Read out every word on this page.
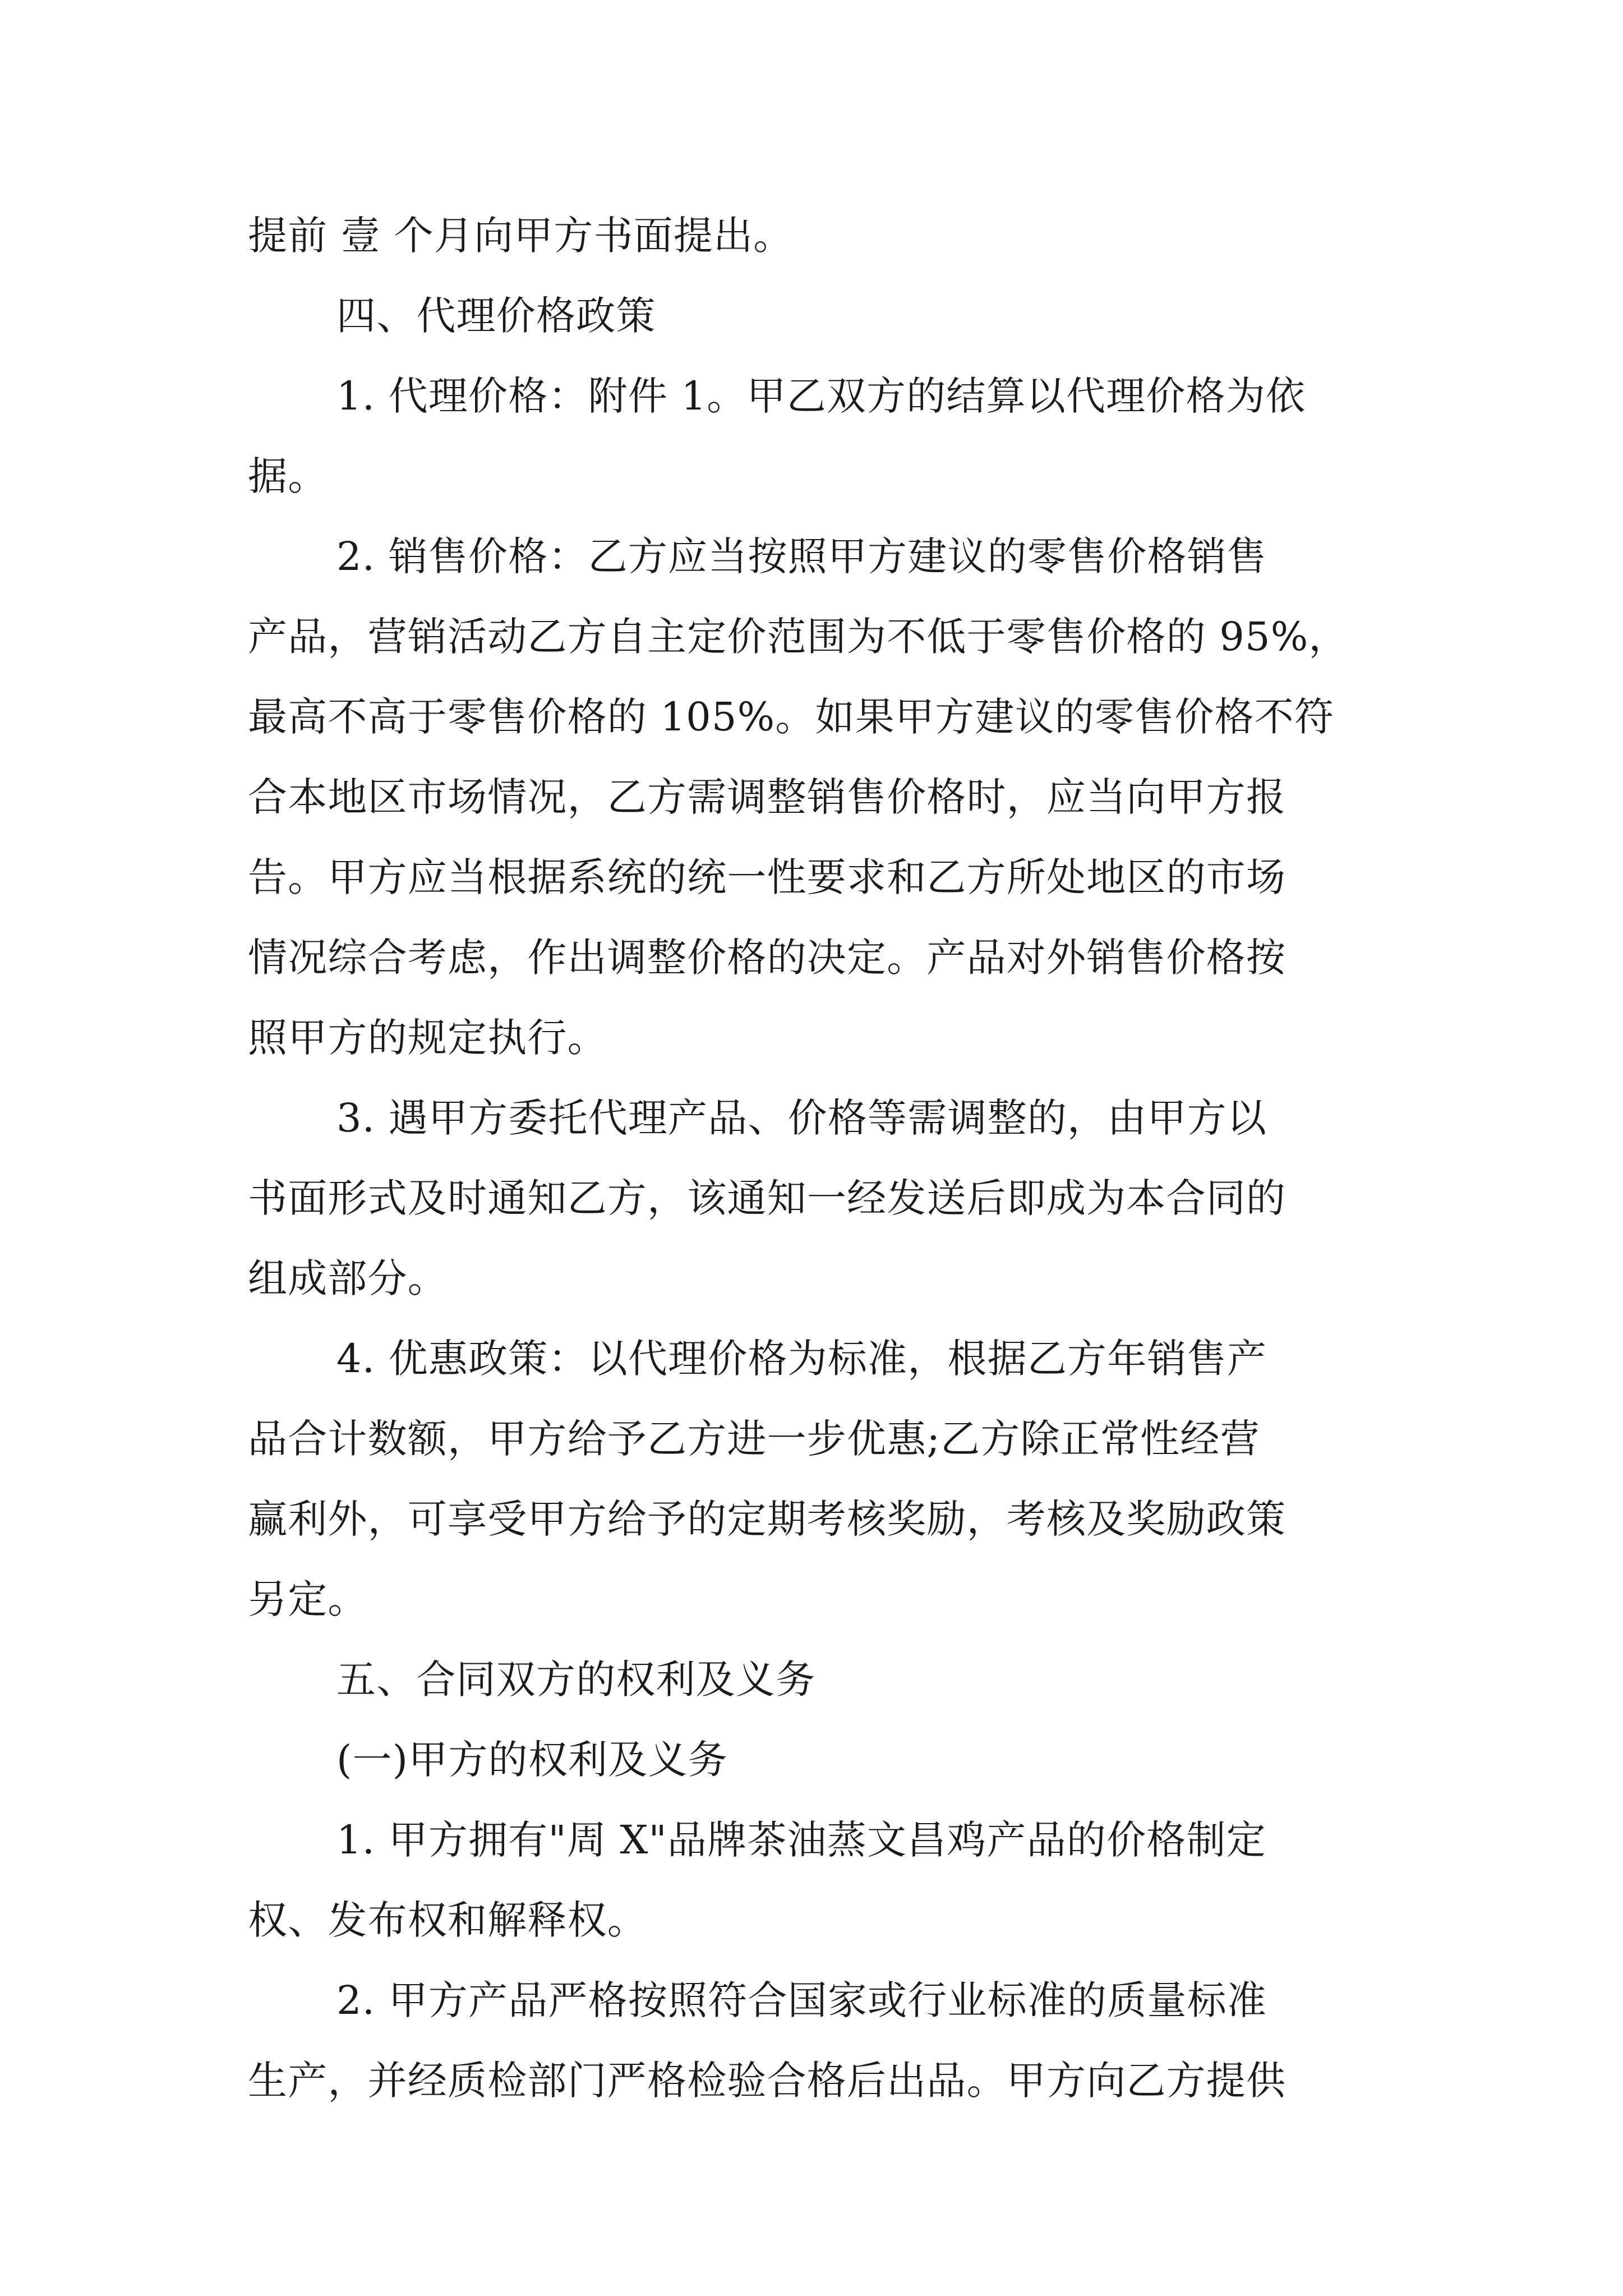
提前 壹 个月向甲方书面提出。
四、代理价格政策
1. 代理价格：附件 1。甲乙双方的结算以代理价格为依
据。
2. 销售价格：乙方应当按照甲方建议的零售价格销售
产品，营销活动乙方自主定价范围为不低于零售价格的 95%，
最高不高于零售价格的 105%。如果甲方建议的零售价格不符
合本地区市场情况，乙方需调整销售价格时，应当向甲方报
告。甲方应当根据系统的统一性要求和乙方所处地区的市场
情况综合考虑，作出调整价格的决定。产品对外销售价格按
照甲方的规定执行。
3. 遇甲方委托代理产品、价格等需调整的，由甲方以
书面形式及时通知乙方，该通知一经发送后即成为本合同的
组成部分。
4. 优惠政策：以代理价格为标准，根据乙方年销售产
品合计数额，甲方给予乙方进一步优惠;乙方除正常性经营
赢利外，可享受甲方给予的定期考核奖励，考核及奖励政策
另定。
五、合同双方的权利及义务
(一)甲方的权利及义务
1. 甲方拥有"周 X"品牌茶油蒸文昌鸡产品的价格制定
权、发布权和解释权。
2. 甲方产品严格按照符合国家或行业标准的质量标准
生产，并经质检部门严格检验合格后出品。甲方向乙方提供
